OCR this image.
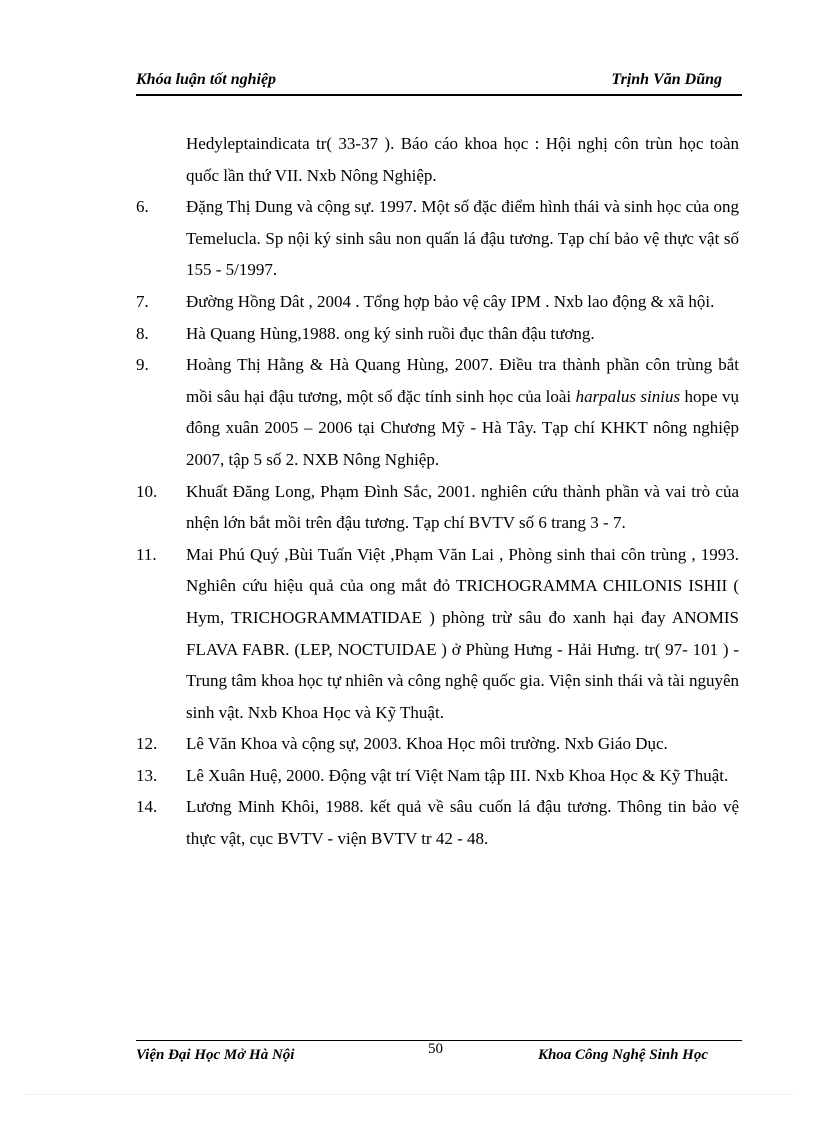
Khóa luận tốt nghiệp	Trịnh Văn Dũng
Hedyleptaindicata tr( 33-37 ). Báo cáo khoa học : Hội nghị côn trùn học toàn quốc lần thứ VII. Nxb Nông Nghiệp.
6. Đặng Thị Dung và cộng sự. 1997. Một số đặc điểm hình thái và sinh học của ong Temelucla. Sp nội ký sinh sâu non quấn lá đậu tương. Tạp chí bảo vệ thực vật số 155 - 5/1997.
7. Đường Hồng Dât , 2004 . Tổng hợp bảo vệ cây IPM . Nxb lao động & xã hội.
8. Hà Quang Hùng,1988. ong ký sinh ruồi đục thân đậu tương.
9. Hoàng Thị Hằng & Hà Quang Hùng, 2007. Điều tra thành phần côn trùng bắt mồi sâu hại đậu tương, một số đặc tính sinh học của loài harpalus sinius hope vụ đông xuân 2005 – 2006 tại Chương Mỹ - Hà Tây. Tạp chí KHKT nông nghiệp 2007, tập 5 số 2. NXB Nông Nghiệp.
10. Khuất Đăng Long, Phạm Đình Sắc, 2001. nghiên cứu thành phần và vai trò của nhện lớn bắt mồi trên đậu tương. Tạp chí BVTV số 6 trang 3 - 7.
11. Mai Phú Quý ,Bùi Tuấn Việt ,Phạm Văn Lai , Phòng sinh thai côn trùng , 1993. Nghiên cứu hiệu quả của ong mắt đỏ TRICHOGRAMMA CHILONIS ISHII ( Hym, TRICHOGRAMMATIDAE ) phòng trừ sâu đo xanh hại đay ANOMIS FLAVA FABR. (LEP, NOCTUIDAE ) ở Phùng Hưng - Hải Hưng. tr( 97- 101 ) - Trung tâm khoa học tự nhiên và công nghệ quốc gia. Viện sinh thái và tài nguyên sinh vật. Nxb Khoa Học và Kỹ Thuật.
12. Lê Văn Khoa và cộng sự, 2003. Khoa Học môi trường. Nxb Giáo Dục.
13. Lê Xuân Huệ, 2000. Động vật trí Việt Nam tập III. Nxb Khoa Học & Kỹ Thuật.
14. Lương Minh Khôi, 1988. kết quả về sâu cuốn lá đậu tương. Thông tin bảo vệ thực vật, cục BVTV - viện BVTV tr 42 - 48.
Viện Đại Học Mở Hà Nội	50	Khoa Công Nghệ Sinh Học
